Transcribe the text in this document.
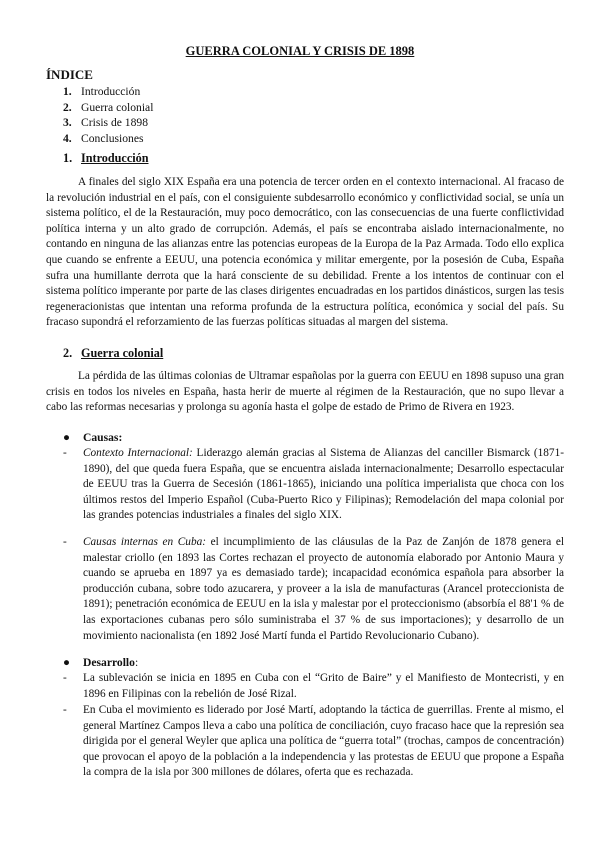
GUERRA COLONIAL Y CRISIS DE 1898
ÍNDICE
1. Introducción
2. Guerra colonial
3. Crisis de 1898
4. Conclusiones
1. Introducción

A finales del siglo XIX España era una potencia de tercer orden en el contexto internacional. Al fracaso de la revolución industrial en el país, con el consiguiente subdesarrollo económico y conflictividad social, se unía un sistema político, el de la Restauración, muy poco democrático, con las consecuencias de una fuerte conflictividad política interna y un alto grado de corrupción. Además, el país se encontraba aislado internacionalmente, no contando en ninguna de las alianzas entre las potencias europeas de la Europa de la Paz Armada. Todo ello explica que cuando se enfrente a EEUU, una potencia económica y militar emergente, por la posesión de Cuba, España sufra una humillante derrota que la hará consciente de su debilidad. Frente a los intentos de continuar con el sistema político imperante por parte de las clases dirigentes encuadradas en los partidos dinásticos, surgen las tesis regeneracionistas que intentan una reforma profunda de la estructura política, económica y social del país. Su fracaso supondrá el reforzamiento de las fuerzas políticas situadas al margen del sistema.

2. Guerra colonial

La pérdida de las últimas colonias de Ultramar españolas por la guerra con EEUU en 1898 supuso una gran crisis en todos los niveles en España, hasta herir de muerte al régimen de la Restauración, que no supo llevar a cabo las reformas necesarias y prolonga su agonía hasta el golpe de estado de Primo de Rivera en 1923.

● Causas:
-	Contexto Internacional: Liderazgo alemán gracias al Sistema de Alianzas del canciller Bismarck (1871-1890), del que queda fuera España, que se encuentra aislada internacionalmente; Desarrollo espectacular de EEUU tras la Guerra de Secesión (1861-1865), iniciando una política imperialista que choca con los últimos restos del Imperio Español (Cuba-Puerto Rico y Filipinas); Remodelación del mapa colonial por las grandes potencias industriales a finales del siglo XIX.
-	Causas internas en Cuba: el incumplimiento de las cláusulas de la Paz de Zanjón de 1878 genera el malestar criollo (en 1893 las Cortes rechazan el proyecto de autonomía elaborado por Antonio Maura y cuando se aprueba en 1897 ya es demasiado tarde); incapacidad económica española para absorber la producción cubana, sobre todo azucarera, y proveer a la isla de manufacturas (Arancel proteccionista de 1891); penetración económica de EEUU en la isla y malestar por el proteccionismo (absorbía el 88'1 % de las exportaciones cubanas pero sólo suministraba el 37 % de sus importaciones); y desarrollo de un movimiento nacionalista (en 1892 José Martí funda el Partido Revolucionario Cubano).
● Desarrollo:
-	La sublevación se inicia en 1895 en Cuba con el “Grito de Baire” y el Manifiesto de Montecristi, y en 1896 en Filipinas con la rebelión de José Rizal.
-	En Cuba el movimiento es liderado por José Martí, adoptando la táctica de guerrillas. Frente al mismo, el general Martínez Campos lleva a cabo una política de conciliación, cuyo fracaso hace que la represión sea dirigida por el general Weyler que aplica una política de “guerra total” (trochas, campos de concentración) que provocan el apoyo de la población a la independencia y las protestas de EEUU que propone a España la compra de la isla por 300 millones de dólares, oferta que es rechazada.
